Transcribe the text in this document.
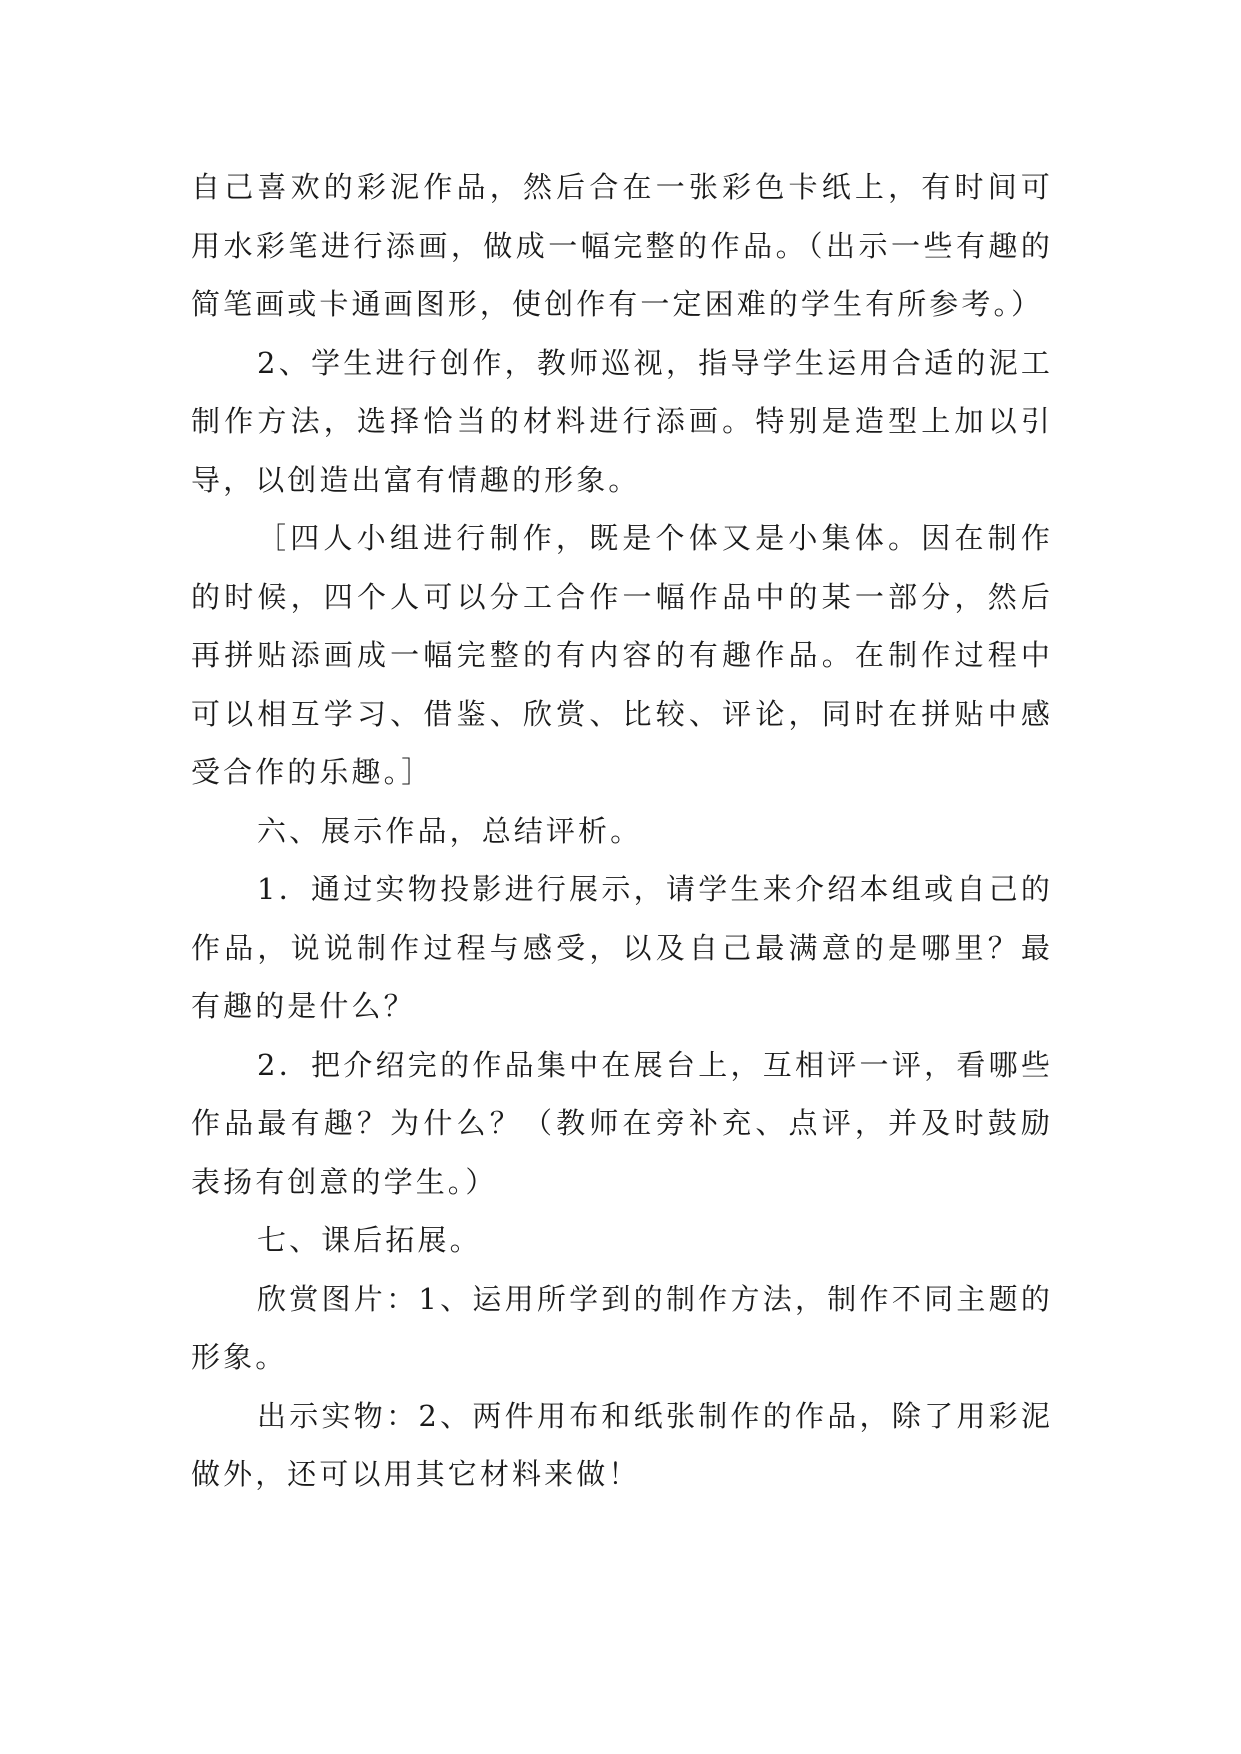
自己喜欢的彩泥作品，然后合在一张彩色卡纸上，有时间可用水彩笔进行添画，做成一幅完整的作品。（出示一些有趣的简笔画或卡通画图形，使创作有一定困难的学生有所参考。）

2、学生进行创作，教师巡视，指导学生运用合适的泥工制作方法，选择恰当的材料进行添画。特别是造型上加以引导，以创造出富有情趣的形象。

［四人小组进行制作，既是个体又是小集体。因在制作的时候，四个人可以分工合作一幅作品中的某一部分，然后再拼贴添画成一幅完整的有内容的有趣作品。在制作过程中可以相互学习、借鉴、欣赏、比较、评论，同时在拼贴中感受合作的乐趣。］

六、展示作品，总结评析。

1．通过实物投影进行展示，请学生来介绍本组或自己的作品，说说制作过程与感受，以及自己最满意的是哪里？最有趣的是什么？

2．把介绍完的作品集中在展台上，互相评一评，看哪些作品最有趣？为什么？（教师在旁补充、点评，并及时鼓励表扬有创意的学生。）

七、课后拓展。

欣赏图片：1、运用所学到的制作方法，制作不同主题的形象。

出示实物：2、两件用布和纸张制作的作品，除了用彩泥做外，还可以用其它材料来做！
